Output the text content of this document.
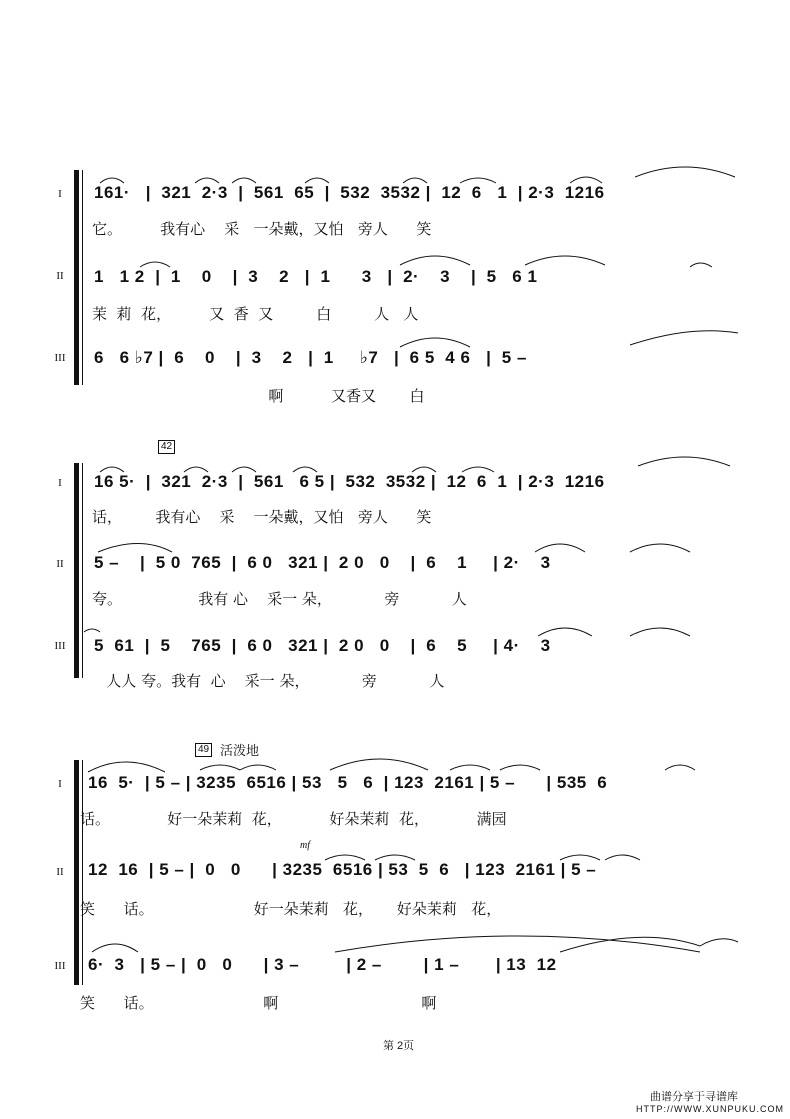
I	161·   |  321  2·3  |  561  65  |  532  3532 |  12  6   1  | 2·3  1216
它。        我有心    采   一朵戴，又怕   旁人      笑
II	1   1 2  |  1    0    |  3    2   |  1      3   |  2·    3    |  5   6 1
茉  莉  花，        又  香  又         白         人   人
III 6   6 ♭7 |  6    0    |  3    2   |  1     ♭7   |  6 5  4 6   |  5 –
啊          又香又       白
42
I	16 5·  |  321  2·3  |  561   6 5 |  532  3532 |  12  6  1  | 2·3  1216
话，       我有心    采    一朵戴，又怕   旁人      笑
II	5 –    |  5 0  765  |  6 0   321 |  2 0   0    |  6    1     | 2·    3
夸。                我有 心    采一 朵，           旁           人
III 5  61  |  5    765  |  6 0   321 |  2 0   0    |  6    5     | 4·    3
人人 夸。我有  心    采一 朵，           旁           人
49 活泼地
mf
I	16  5·  | 5 – | 3235  6516 | 53   5   6  | 123  2161 | 5 –      | 535  6
话。            好一朵茉莉  花，          好朵茉莉  花，          满园
II	12  16  | 5 – |  0   0      | 3235  6516 | 53  5  6   | 123  2161 | 5 –
笑      话。                     好一朵茉莉   花，     好朵茉莉   花，
III 6·  3   | 5 – |  0   0      | 3 –         | 2 –        | 1 –       | 13  12
笑      话。                       啊                              啊
第 2页
曲谱分享于寻谱库
HTTP://WWW.XUNPUKU.COM
